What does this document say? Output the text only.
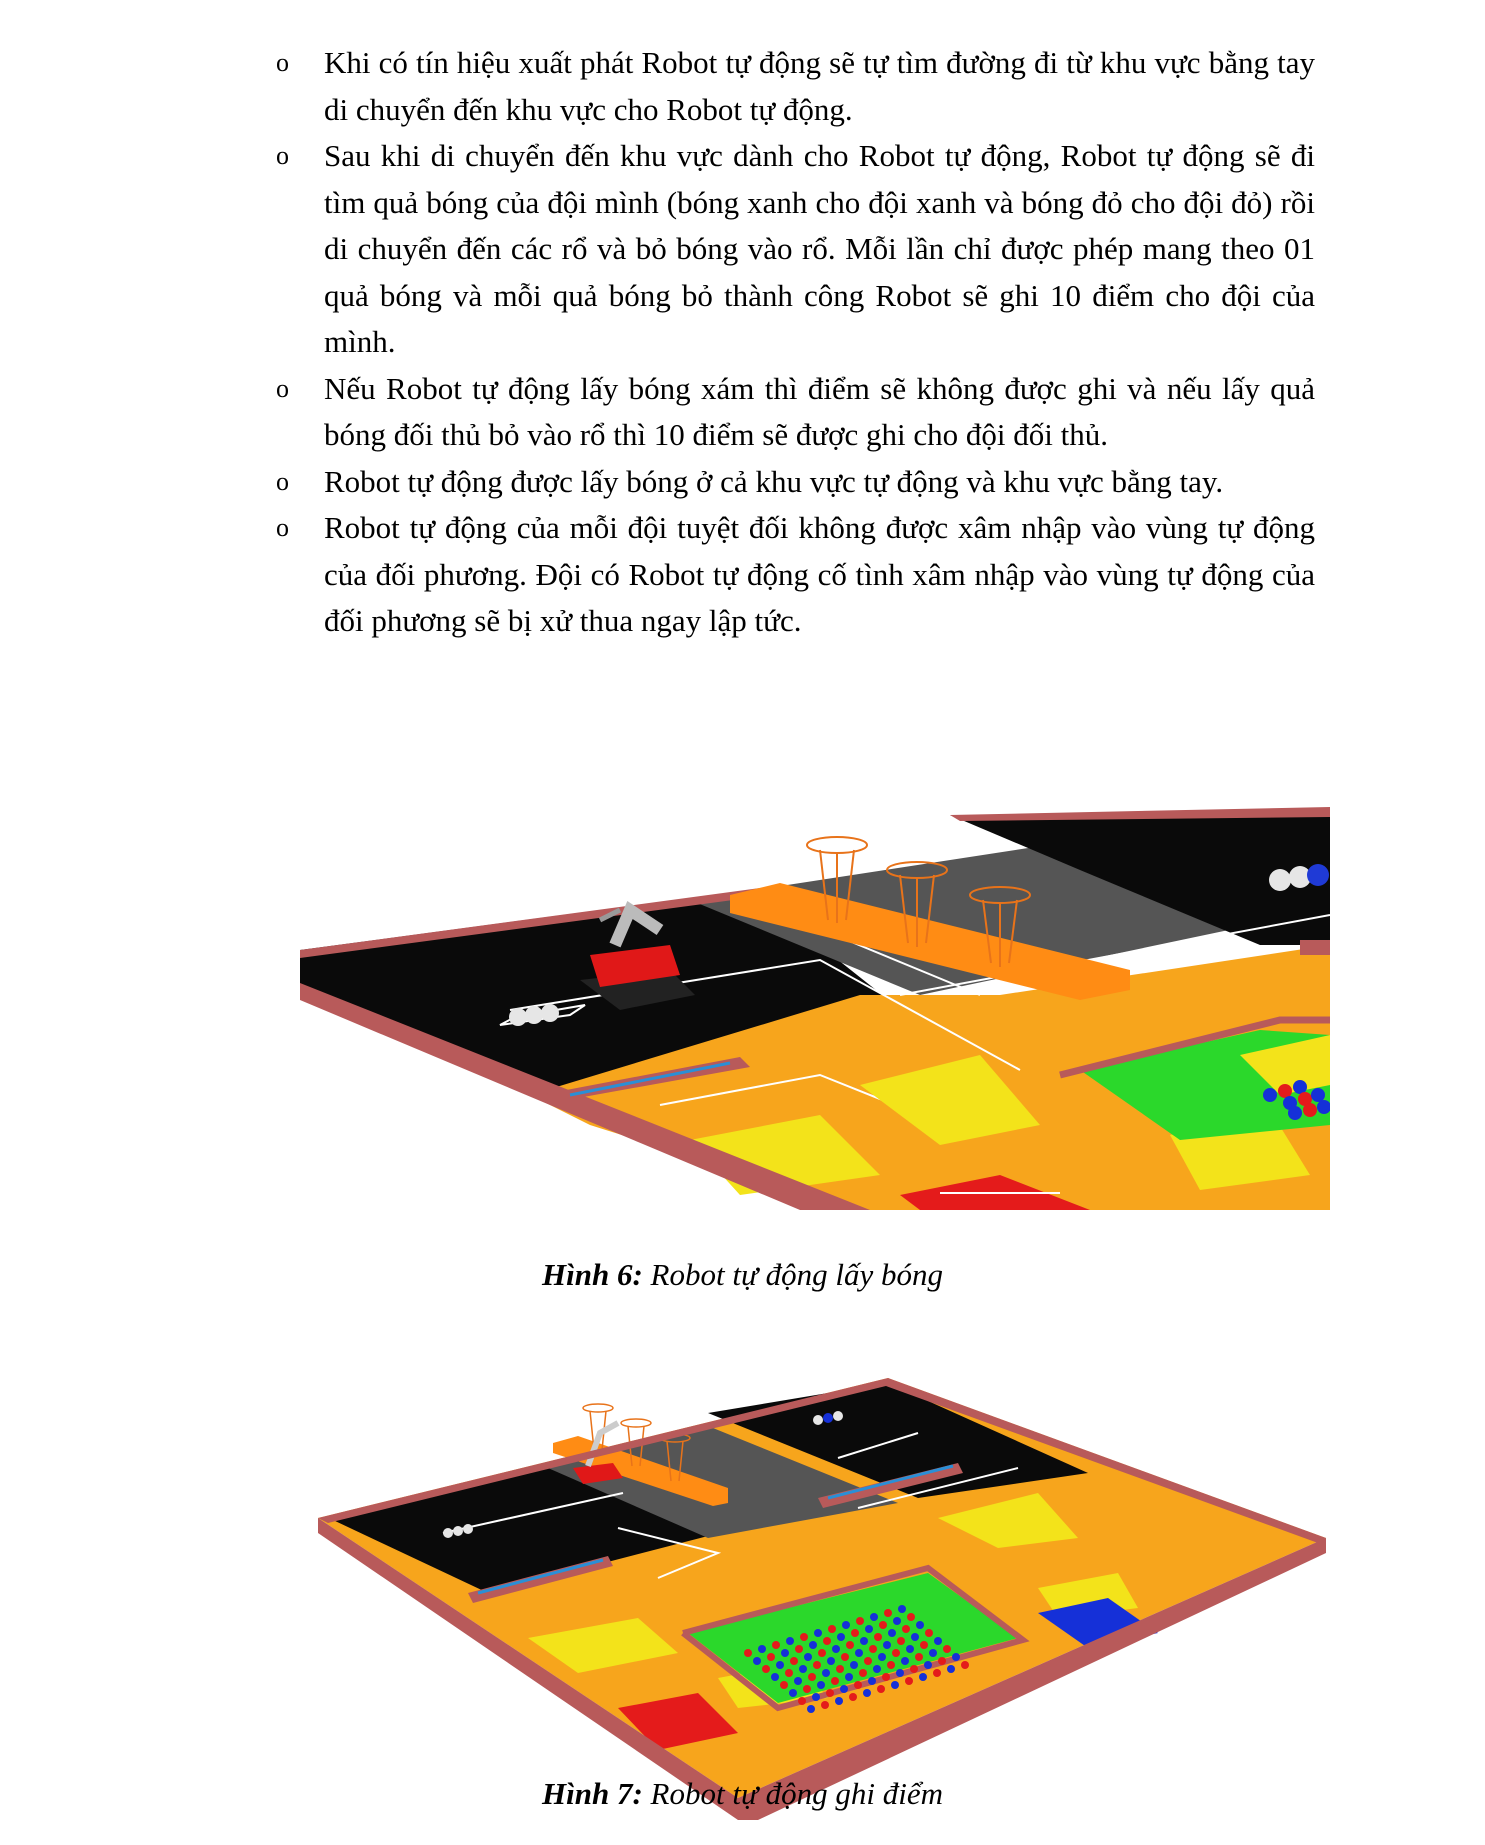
o Khi có tín hiệu xuất phát Robot tự động sẽ tự tìm đường đi từ khu vực bằng tay di chuyển đến khu vực cho Robot tự động.
o Sau khi di chuyển đến khu vực dành cho Robot tự động, Robot tự động sẽ đi tìm quả bóng của đội mình (bóng xanh cho đội xanh và bóng đỏ cho đội đỏ) rồi di chuyển đến các rổ và bỏ bóng vào rổ. Mỗi lần chỉ được phép mang theo 01 quả bóng và mỗi quả bóng bỏ thành công Robot sẽ ghi 10 điểm cho đội của mình.
o Nếu Robot tự động lấy bóng xám thì điểm sẽ không được ghi và nếu lấy quả bóng đối thủ bỏ vào rổ thì 10 điểm sẽ được ghi cho đội đối thủ.
o Robot tự động được lấy bóng ở cả khu vực tự động và khu vực bằng tay.
o Robot tự động của mỗi đội tuyệt đối không được xâm nhập vào vùng tự động của đối phương. Đội có Robot tự động cố tình xâm nhập vào vùng tự động của đối phương sẽ bị xử thua ngay lập tức.
Hình 6: Robot tự động lấy bóng
Hình 7: Robot tự động ghi điểm
